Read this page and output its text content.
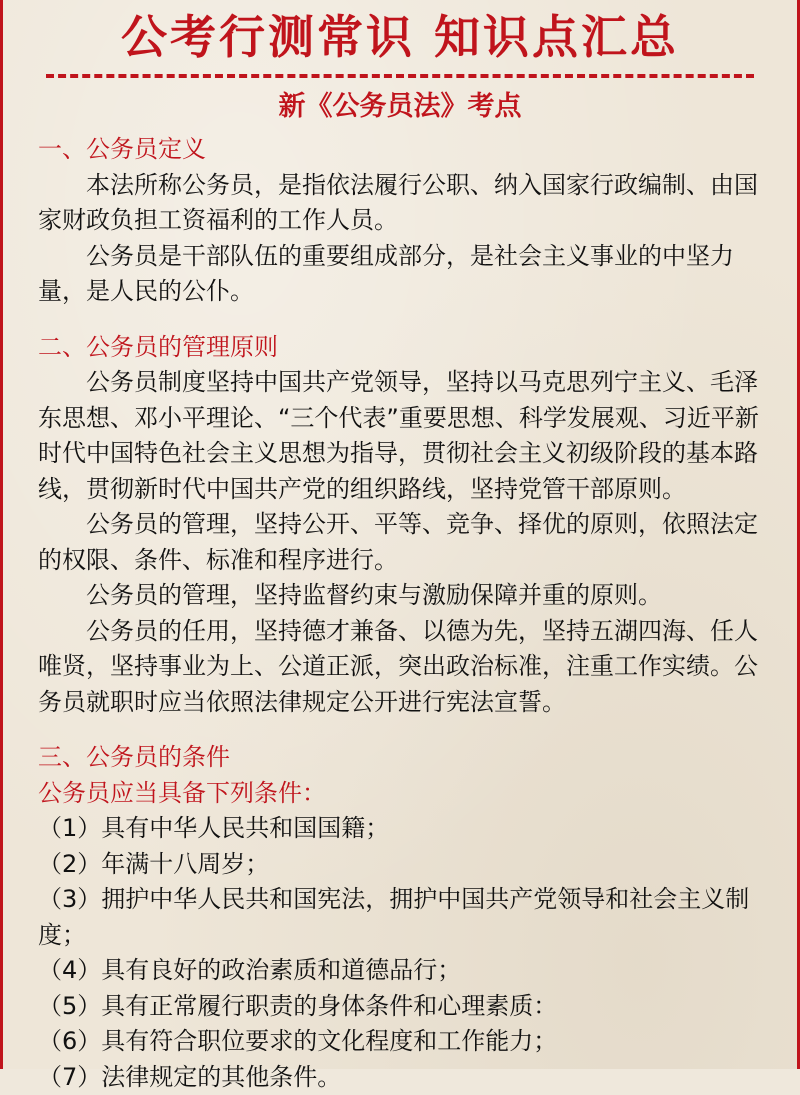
公考行测常识 知识点汇总
新《公务员法》考点

一、公务员定义

本法所称公务员，是指依法履行公职、纳入国家行政编制、由国家财政负担工资福利的工作人员。

公务员是干部队伍的重要组成部分，是社会主义事业的中坚力量，是人民的公仆。

二、公务员的管理原则

公务员制度坚持中国共产党领导，坚持以马克思列宁主义、毛泽东思想、邓小平理论、“三个代表”重要思想、科学发展观、习近平新时代中国特色社会主义思想为指导，贯彻社会主义初级阶段的基本路线，贯彻新时代中国共产党的组织路线，坚持党管干部原则。

公务员的管理，坚持公开、平等、竞争、择优的原则，依照法定的权限、条件、标准和程序进行。

公务员的管理，坚持监督约束与激励保障并重的原则。

公务员的任用，坚持德才兼备、以德为先，坚持五湖四海、任人唯贤，坚持事业为上、公道正派，突出政治标准，注重工作实绩。公务员就职时应当依照法律规定公开进行宪法宣誓。

三、公务员的条件

公务员应当具备下列条件：

（1）具有中华人民共和国国籍；

（2）年满十八周岁；

（3）拥护中华人民共和国宪法，拥护中国共产党领导和社会主义制度；

（4）具有良好的政治素质和道德品行；

（5）具有正常履行职责的身体条件和心理素质：

（6）具有符合职位要求的文化程度和工作能力；

（7）法律规定的其他条件。
